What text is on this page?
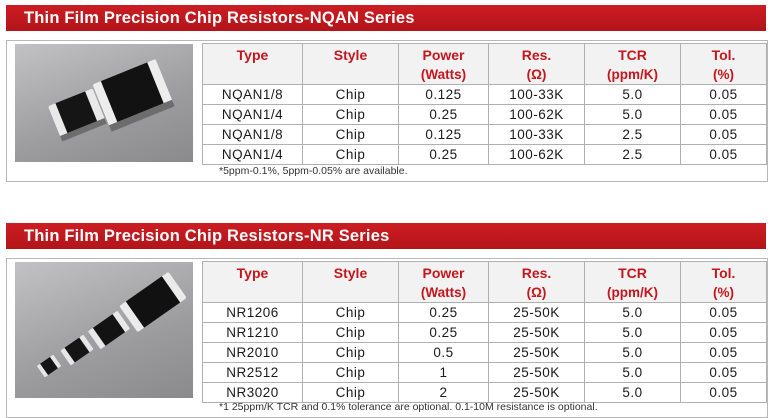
Thin Film Precision Chip Resistors-NQAN Series
Type	Style	Power	Res.	TCR	Tol.
		(Watts)	(Ω)	(ppm/K)	(%)
NQAN1/8	Chip	0.125	100-33K	5.0	0.05
NQAN1/4	Chip	0.25	100-62K	5.0	0.05
NQAN1/8	Chip	0.125	100-33K	2.5	0.05
NQAN1/4	Chip	0.25	100-62K	2.5	0.05
*5ppm-0.1%, 5ppm-0.05% are available.
Thin Film Precision Chip Resistors-NR Series
Type	Style	Power	Res.	TCR	Tol.
		(Watts)	(Ω)	(ppm/K)	(%)
NR1206	Chip	0.25	25-50K	5.0	0.05
NR1210	Chip	0.25	25-50K	5.0	0.05
NR2010	Chip	0.5	25-50K	5.0	0.05
NR2512	Chip	1	25-50K	5.0	0.05
NR3020	Chip	2	25-50K	5.0	0.05
*1 25ppm/K TCR and 0.1% tolerance are optional. 0.1-10M resistance is optional.
